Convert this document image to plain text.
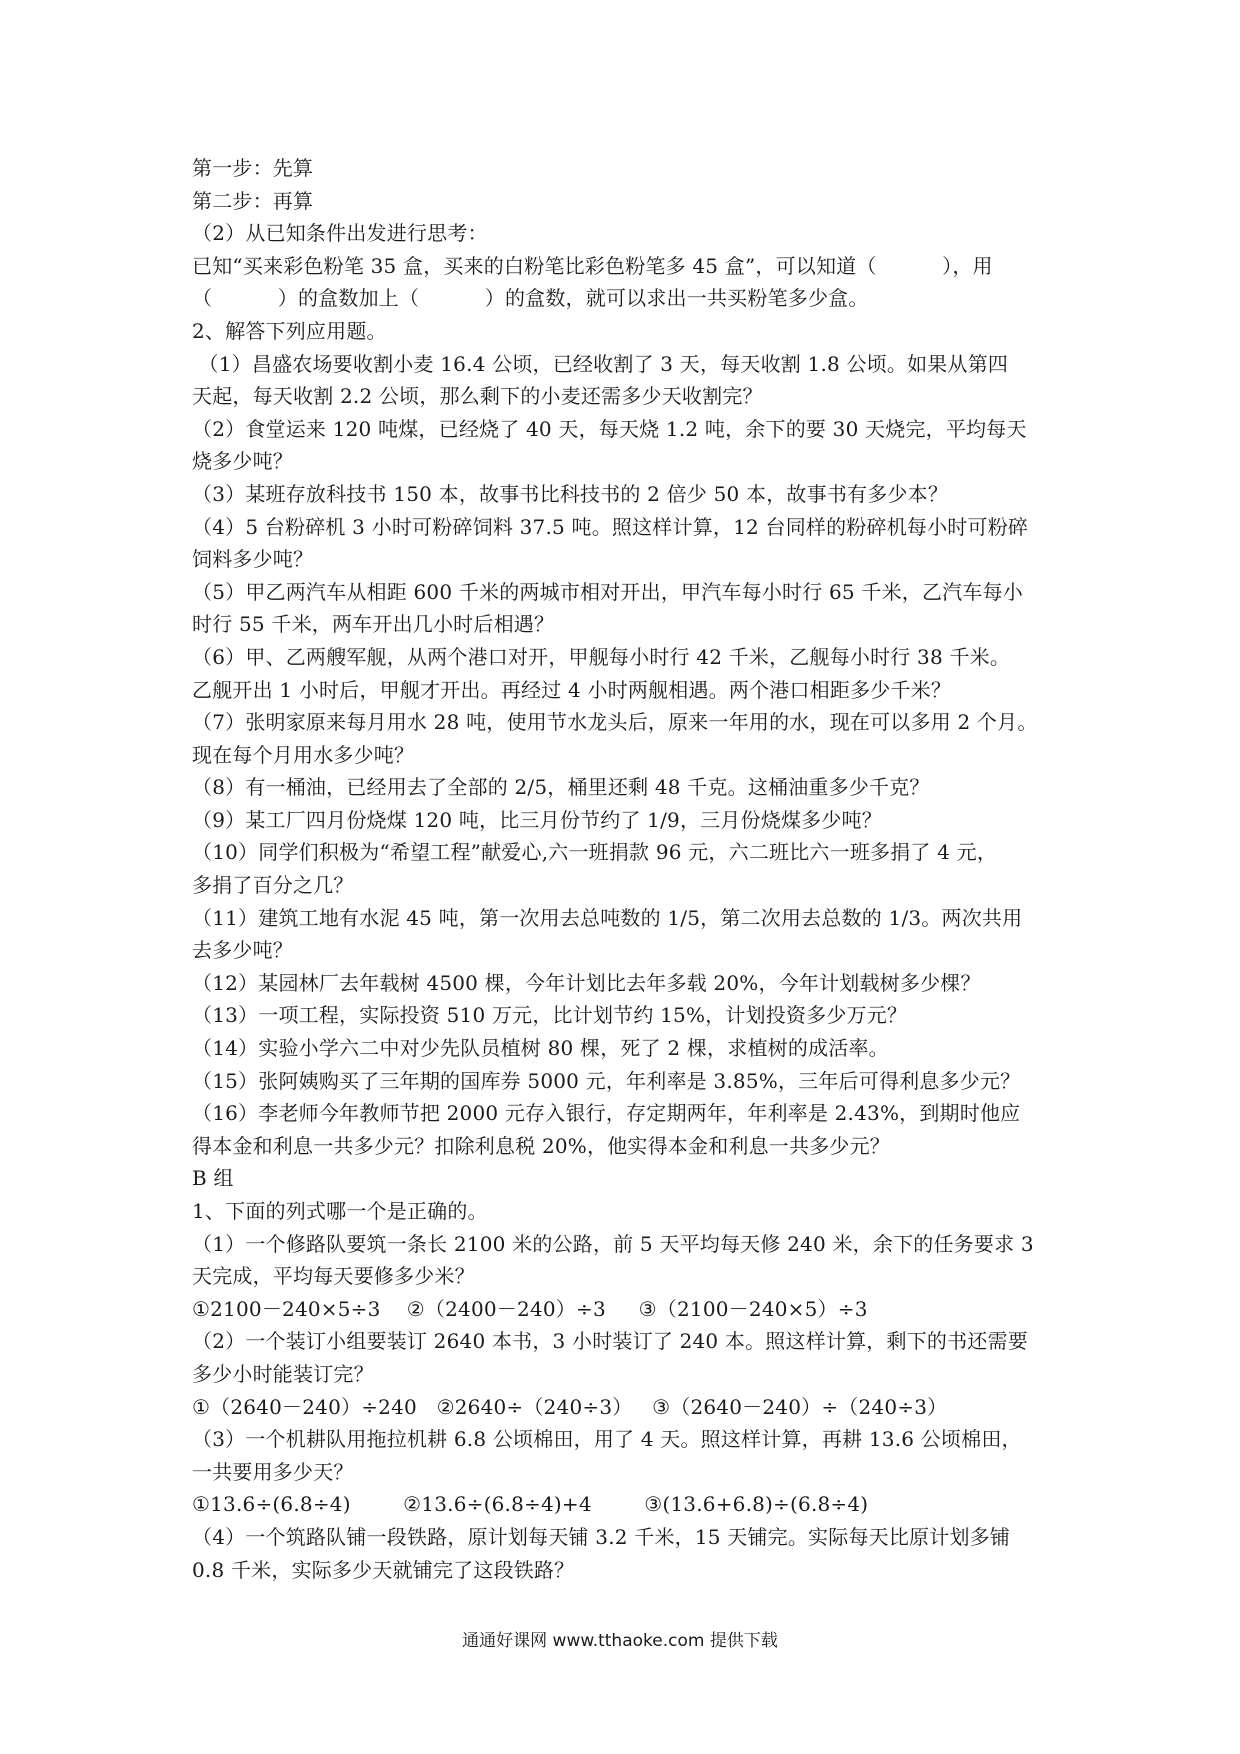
第一步：先算
第二步：再算
（2）从已知条件出发进行思考：
已知“买来彩色粉笔 35 盒，买来的白粉笔比彩色粉笔多 45 盒”，可以知道（          ），用
（          ）的盒数加上（          ）的盒数，就可以求出一共买粉笔多少盒。
2、解答下列应用题。
（1）昌盛农场要收割小麦 16.4 公顷，已经收割了 3 天，每天收割 1.8 公顷。如果从第四
天起，每天收割 2.2 公顷，那么剩下的小麦还需多少天收割完？
（2）食堂运来 120 吨煤，已经烧了 40 天，每天烧 1.2 吨，余下的要 30 天烧完，平均每天
烧多少吨？
（3）某班存放科技书 150 本，故事书比科技书的 2 倍少 50 本，故事书有多少本？
（4）5 台粉碎机 3 小时可粉碎饲料 37.5 吨。照这样计算，12 台同样的粉碎机每小时可粉碎
饲料多少吨？
（5）甲乙两汽车从相距 600 千米的两城市相对开出，甲汽车每小时行 65 千米，乙汽车每小
时行 55 千米，两车开出几小时后相遇？
（6）甲、乙两艘军舰，从两个港口对开，甲舰每小时行 42 千米，乙舰每小时行 38 千米。
乙舰开出 1 小时后，甲舰才开出。再经过 4 小时两舰相遇。两个港口相距多少千米？
（7）张明家原来每月用水 28 吨，使用节水龙头后，原来一年用的水，现在可以多用 2 个月。
现在每个月用水多少吨？
（8）有一桶油，已经用去了全部的 2/5，桶里还剩 48 千克。这桶油重多少千克？
（9）某工厂四月份烧煤 120 吨，比三月份节约了 1/9，三月份烧煤多少吨？
（10）同学们积极为“希望工程”献爱心,六一班捐款 96 元，六二班比六一班多捐了 4 元，
多捐了百分之几？
（11）建筑工地有水泥 45 吨，第一次用去总吨数的 1/5，第二次用去总数的 1/3。两次共用
去多少吨？
（12）某园林厂去年载树 4500 棵，今年计划比去年多载 20%，今年计划载树多少棵？
（13）一项工程，实际投资 510 万元，比计划节约 15%，计划投资多少万元？
（14）实验小学六二中对少先队员植树 80 棵，死了 2 棵，求植树的成活率。
（15）张阿姨购买了三年期的国库券 5000 元，年利率是 3.85%，三年后可得利息多少元？
（16）李老师今年教师节把 2000 元存入银行，存定期两年，年利率是 2.43%，到期时他应
得本金和利息一共多少元？扣除利息税 20%，他实得本金和利息一共多少元？
B 组
1、下面的列式哪一个是正确的。
（1）一个修路队要筑一条长 2100 米的公路，前 5 天平均每天修 240 米，余下的任务要求 3
天完成，平均每天要修多少米？
①2100－240×5÷3    ②（2400－240）÷3     ③（2100－240×5）÷3
（2）一个装订小组要装订 2640 本书，3 小时装订了 240 本。照这样计算，剩下的书还需要
多少小时能装订完？
①（2640－240）÷240   ②2640÷（240÷3）   ③（2640－240）÷（240÷3）
（3）一个机耕队用拖拉机耕 6.8 公顷棉田，用了 4 天。照这样计算，再耕 13.6 公顷棉田，
一共要用多少天？
①13.6÷(6.8÷4)        ②13.6÷(6.8÷4)+4        ③(13.6+6.8)÷(6.8÷4)
（4）一个筑路队铺一段铁路，原计划每天铺 3.2 千米，15 天铺完。实际每天比原计划多铺
0.8 千米，实际多少天就铺完了这段铁路？
通通好课网 www.tthaoke.com 提供下载
